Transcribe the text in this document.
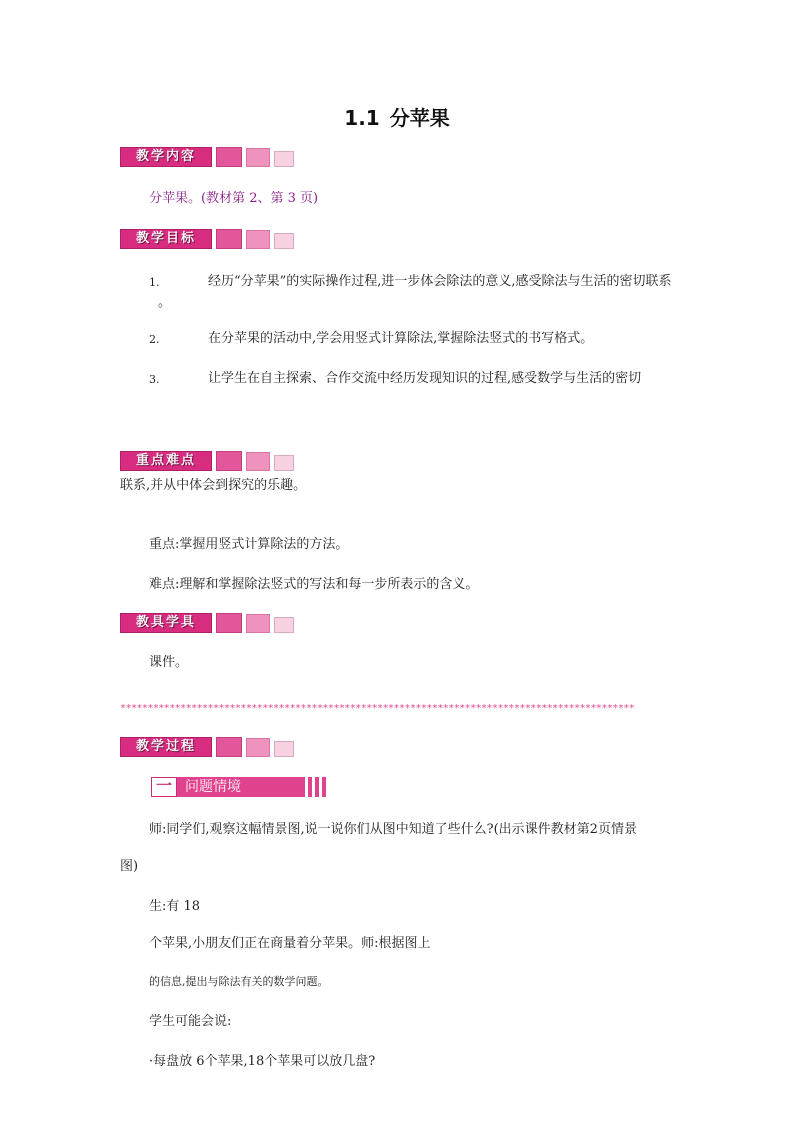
1.1 分苹果
教学内容
分苹果。(教材第 2、第 3 页)
教学目标
1.	经历“分苹果”的实际操作过程,进一步体会除法的意义,感受除法与生活的密切联系
。
2.	在分苹果的活动中,学会用竖式计算除法,掌握除法竖式的书写格式。
3.	让学生在自主探索、合作交流中经历发现知识的过程,感受数学与生活的密切
重点难点
联系,并从中体会到探究的乐趣。
重点:掌握用竖式计算除法的方法。
难点:理解和掌握除法竖式的写法和每一步所表示的含义。
教具学具
课件。
**********************************************************************************************
教学过程
一 问题情境
师:同学们,观察这幅情景图,说一说你们从图中知道了些什么?(出示课件教材第2页情景
图)
生:有 18
个苹果,小朋友们正在商量着分苹果。师:根据图上
的信息,提出与除法有关的数学问题。
学生可能会说:
·每盘放 6个苹果,18个苹果可以放几盘?
